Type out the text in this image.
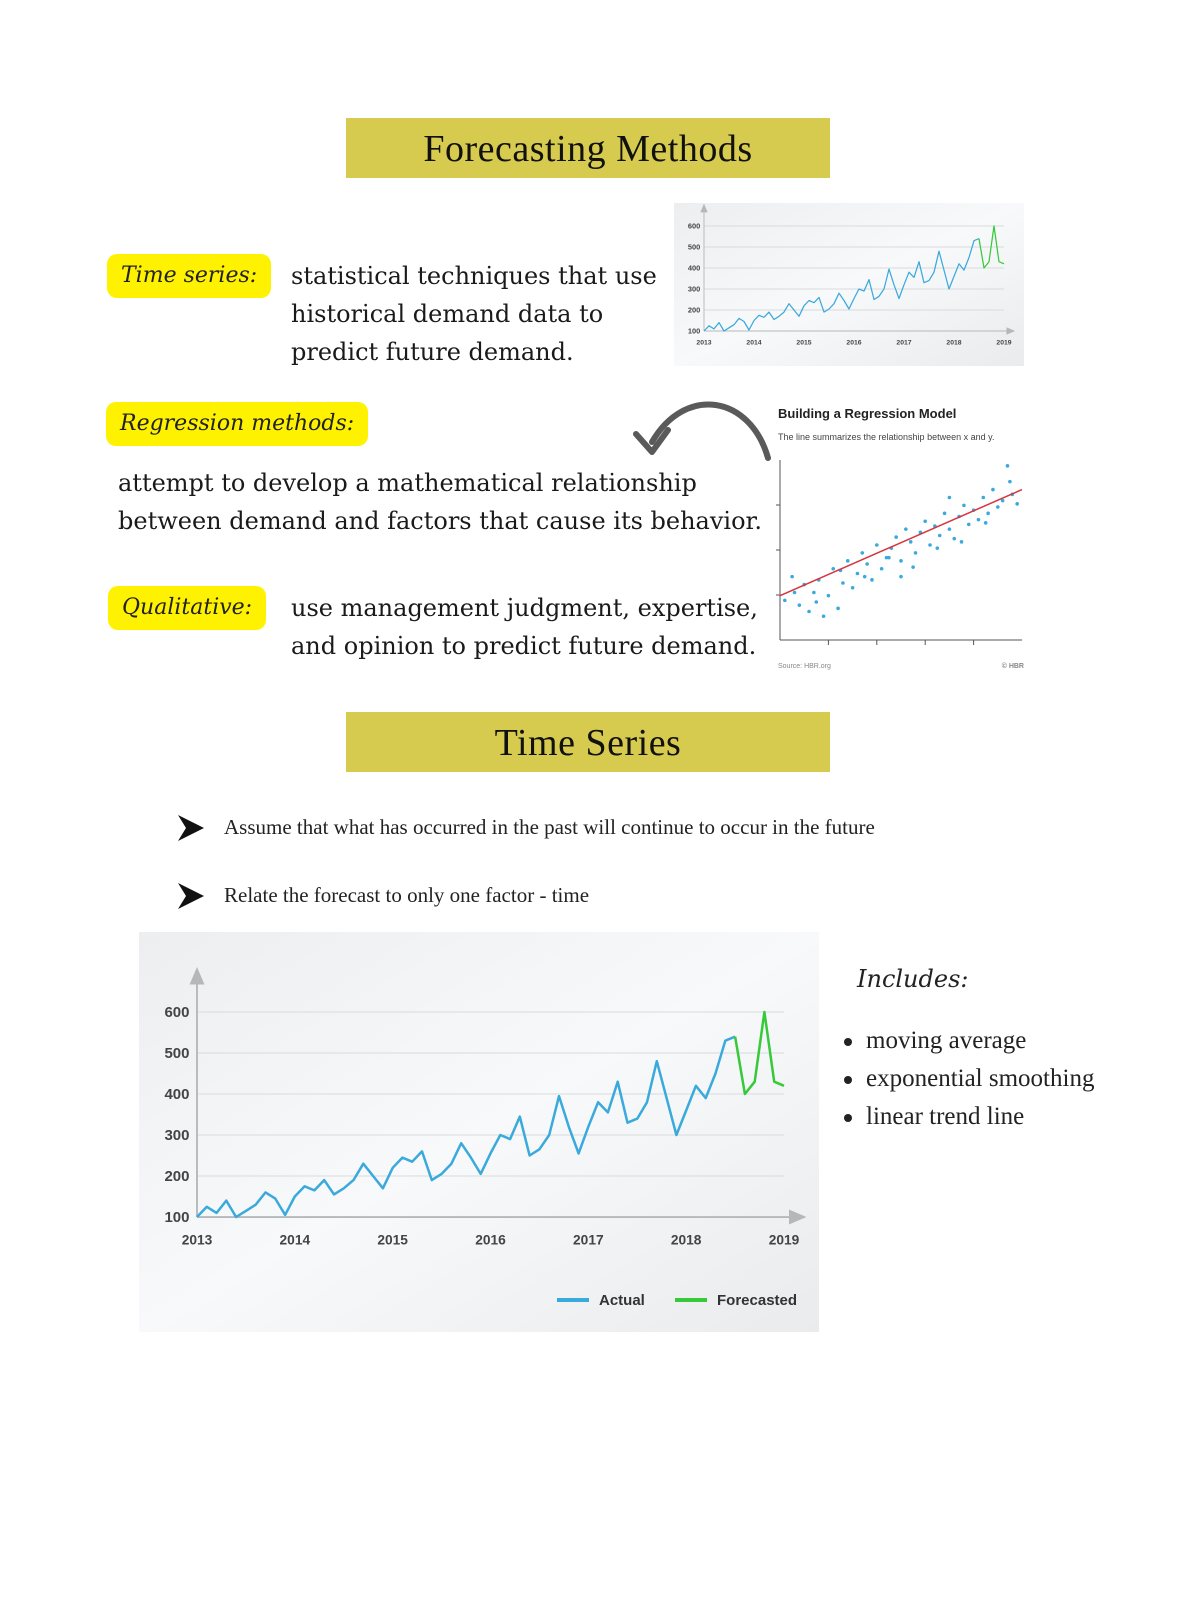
Forecasting Methods
Time series:	statistical techniques that use
historical demand data to
predict future demand.
100
200
300
400
500
600
2013	2014	2015	2016	2017	2018	2019
Regression methods:
attempt to develop a mathematical relationship
between demand and factors that cause its behavior.
Building a Regression Model
The line summarizes the relationship between x and y.
Source: HBR.org	© HBR
Qualitative:	use management judgment, expertise,
and opinion to predict future demand.
Time Series
Assume that what has occurred in the past will continue to occur in the future
Relate the forecast to only one factor - time
100
200
300
400
500
600
2013	2014	2015	2016	2017	2018	2019
Actual	Forecasted
Includes:
moving average
exponential smoothing
linear trend line
